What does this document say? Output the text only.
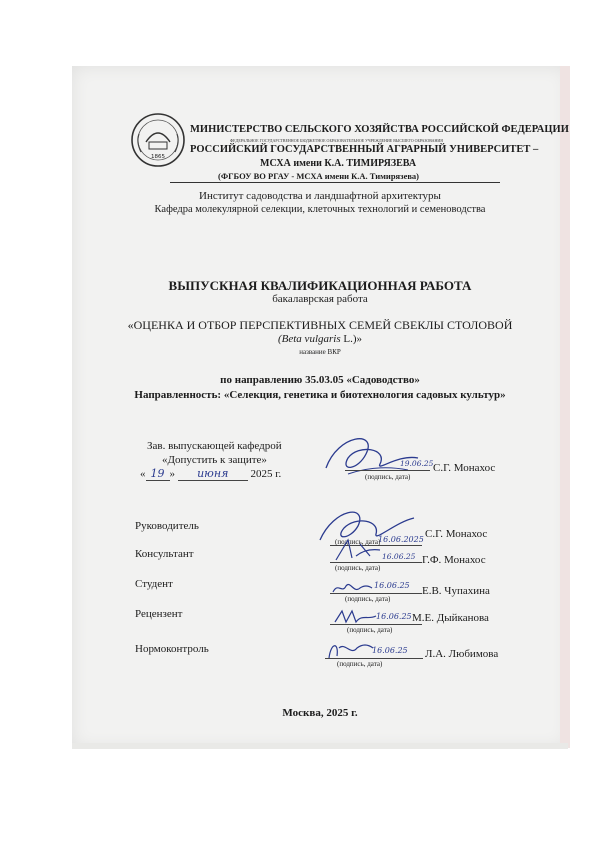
1865
МИНИСТЕРСТВО СЕЛЬСКОГО ХОЗЯЙСТВА РОССИЙСКОЙ ФЕДЕРАЦИИ
ФЕДЕРАЛЬНОЕ ГОСУДАРСТВЕННОЕ БЮДЖЕТНОЕ ОБРАЗОВАТЕЛЬНОЕ УЧРЕЖДЕНИЕ ВЫСШЕГО ОБРАЗОВАНИЯ
РОССИЙСКИЙ ГОСУДАРСТВЕННЫЙ АГРАРНЫЙ УНИВЕРСИТЕТ –
МСХА имени К.А. ТИМИРЯЗЕВА
(ФГБОУ ВО РГАУ - МСХА имени К.А. Тимирязева)
Институт садоводства и ландшафтной архитектуры
Кафедра молекулярной селекции, клеточных технологий и семеноводства
ВЫПУСКНАЯ КВАЛИФИКАЦИОННАЯ РАБОТА
бакалаврская работа
«ОЦЕНКА И ОТБОР ПЕРСПЕКТИВНЫХ СЕМЕЙ СВЕКЛЫ СТОЛОВОЙ
(Beta vulgaris L.)»
название ВКР
по направлению 35.03.05 «Садоводство»
Направленность: «Селекция, генетика и биотехнология садовых культур»
Зав. выпускающей кафедрой
«Допустить к защите»
« 19 » июня 2025 г.
19.06.25 С.Г. Монахос
(подпись, дата)
Руководитель
16.06.2025 С.Г. Монахос
(подпись, дата)
Консультант	16.06.25 Г.Ф. Монахос
(подпись, дата)
Студент	16.06.25 Е.В. Чупахина
(подпись, дата)
Рецензент	16.06.25 М.Е. Дыйканова
(подпись, дата)
Нормоконтроль	16.06.25 Л.А. Любимова
(подпись, дата)
Москва, 2025 г.
